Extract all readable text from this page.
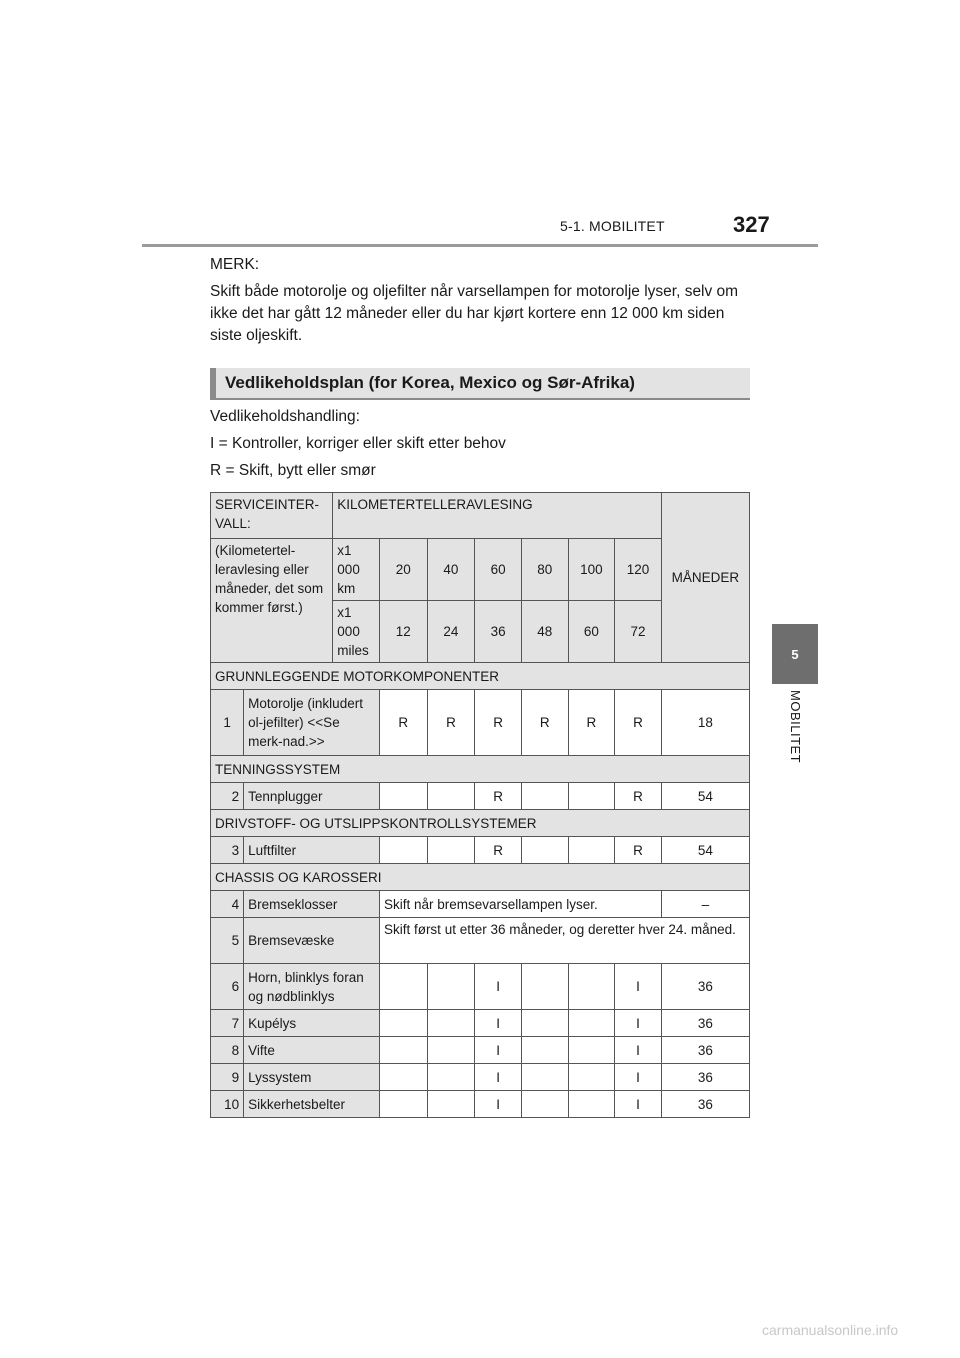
5-1. MOBILITET	327
5
MOBILITET
MERK:
Skift både motorolje og oljefilter når varsellampen for motorolje lyser, selv om ikke det har gått 12 måneder eller du har kjørt kortere enn 12 000 km siden siste oljeskift.
Vedlikeholdsplan (for Korea, Mexico og Sør-Afrika)
Vedlikeholdshandling:
I = Kontroller, korriger eller skift etter behov
R = Skift, bytt eller smør
SERVICEINTER-VALL:		KILOMETERTELLERAVLESING							MÅNEDER
(Kilometertel-leravlesing eller måneder, det som kommer først.)		x1 000 km	20	40	60	80	100	120	
		x1 000 miles	12	24	36	48	60	72	
GRUNNLEGGENDE MOTORKOMPONENTER									
1	Motorolje (inkludert ol-jefilter) <<Se merk-nad.>>		R	R	R	R	R	R	18
TENNINGSSYSTEM									
2	Tennplugger				R			R	54
DRIVSTOFF- OG UTSLIPPSKONTROLLSYSTEMER									
3	Luftfilter				R			R	54
CHASSIS OG KAROSSERI									
4	Bremseklosser		Skift når bremsevarsellampen lyser.						–
5	Bremsevæske		Skift først ut etter 36 måneder, og deretter hver 24. måned.						
6	Horn, blinklys foran og nødblinklys				I			I	36
7	Kupélys				I			I	36
8	Vifte				I			I	36
9	Lyssystem				I			I	36
10	Sikkerhetsbelter				I			I	36
carmanualsonline.info
